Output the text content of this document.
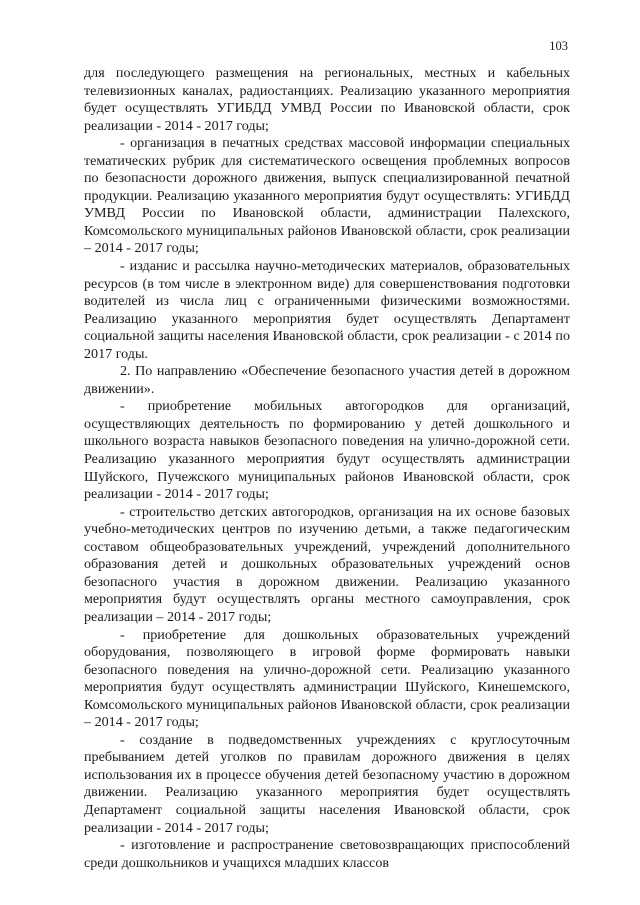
103

для последующего размещения на региональных, местных и кабельных телевизионных каналах, радиостанциях. Реализацию указанного мероприятия будет осуществлять УГИБДД УМВД России по Ивановской области, срок реализации - 2014 - 2017 годы;

- организация в печатных средствах массовой информации специальных тематических рубрик для систематического освещения проблемных вопросов по безопасности дорожного движения, выпуск специализированной печатной продукции. Реализацию указанного мероприятия будут осуществлять: УГИБДД УМВД России по Ивановской области, администрации Палехского, Комсомольского муниципальных районов Ивановской области, срок реализации – 2014 - 2017 годы;

- изданис и рассылка научно-методических материалов, образовательных ресурсов (в том числе в электронном виде) для совершенствования подготовки водителей из числа лиц с ограниченными физическими возможностями. Реализацию указанного мероприятия будет осуществлять Департамент социальной защиты населения Ивановской области, срок реализации - с 2014 по 2017 годы.

2. По направлению «Обеспечение безопасного участия детей в дорожном движении».

- приобретение мобильных автогородков для организаций, осуществляющих деятельность по формированию у детей дошкольного и школьного возраста навыков безопасного поведения на улично-дорожной сети. Реализацию указанного мероприятия будут осуществлять администрации Шуйского, Пучежского муниципальных районов Ивановской области, срок реализации - 2014 - 2017 годы;

- строительство детских автогородков, организация на их основе базовых учебно-методических центров по изучению детьми, а также педагогическим составом общеобразовательных учреждений, учреждений дополнительного образования детей и дошкольных образовательных учреждений основ безопасного участия в дорожном движении. Реализацию указанного мероприятия будут осуществлять органы местного самоуправления, срок реализации – 2014 - 2017 годы;

- приобретение для дошкольных образовательных учреждений оборудования, позволяющего в игровой форме формировать навыки безопасного поведения на улично-дорожной сети. Реализацию указанного мероприятия будут осуществлять администрации Шуйского, Кинешемского, Комсомольского муниципальных районов Ивановской области, срок реализации – 2014 - 2017 годы;

- создание в подведомственных учреждениях с круглосуточным пребыванием детей уголков по правилам дорожного движения в целях использования их в процессе обучения детей безопасному участию в дорожном движении. Реализацию указанного мероприятия будет осуществлять Департамент социальной защиты населения Ивановской области, срок реализации - 2014 - 2017 годы;

- изготовление и распространение световозвращающих приспособлений среди дошкольников и учащихся младших классов
